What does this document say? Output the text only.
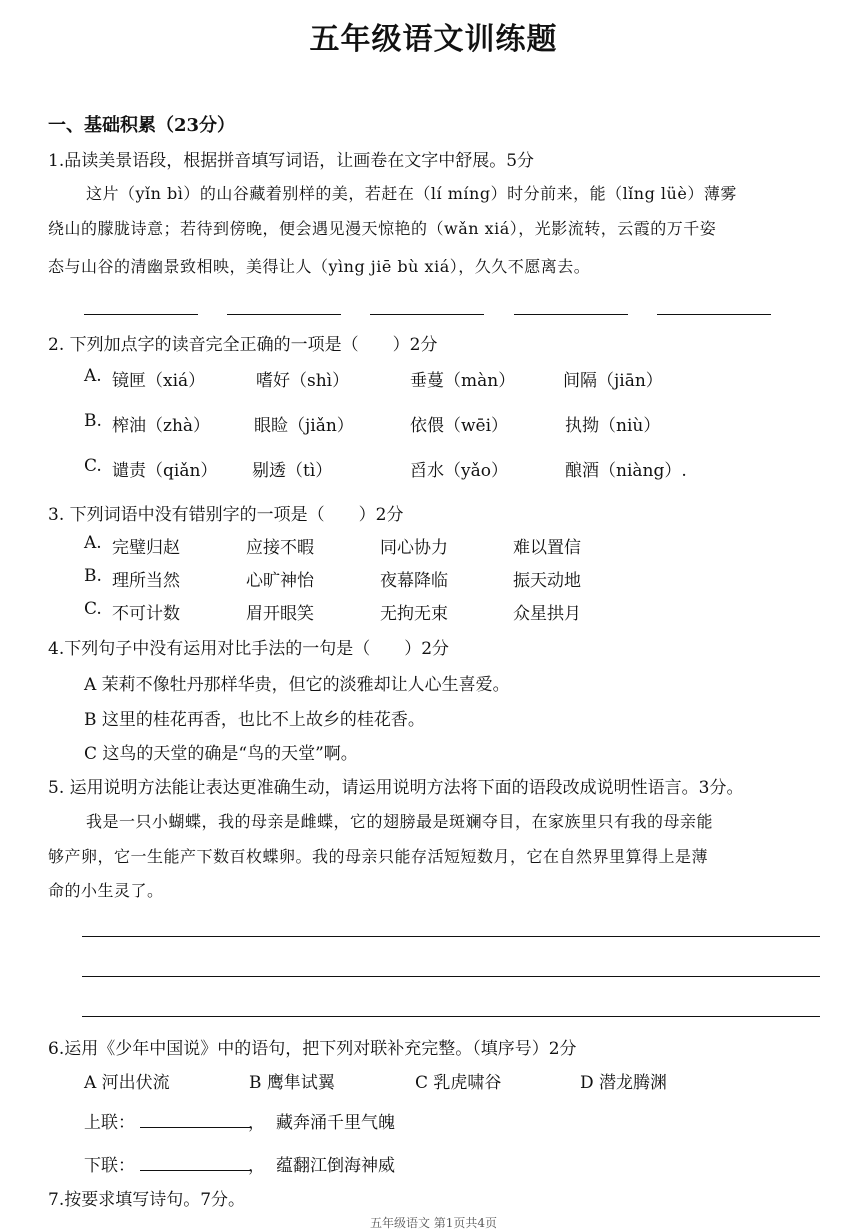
五年级语文训练题
一、基础积累（23分）
1.品读美景语段，根据拼音填写词语，让画卷在文字中舒展。5分
这片（yǐn bì）的山谷藏着别样的美，若赶在（lí míng）时分前来，能（lǐng lüè）薄雾
绕山的朦胧诗意；若待到傍晚，便会遇见漫天惊艳的（wǎn xiá），光影流转，云霞的万千姿
态与山谷的清幽景致相映，美得让人（yìng jiē bù xiá），久久不愿离去。
2. 下列加点字的读音完全正确的一项是（　　）2分
A. 镜匣（xiá）	嗜好（shì）	垂蔓（màn）	间隔（jiān）
B. 榨油（zhà）	眼睑（jiǎn）	依偎（wēi）	执拗（niù）
C. 谴责（qiǎn） 剔透（tì）	舀水（yǎo）	酿酒（niàng）.
3. 下列词语中没有错别字的一项是（　　）2分
A. 完璧归赵	应接不暇	同心协力	难以置信
B. 理所当然	心旷神怡	夜幕降临	振天动地
C. 不可计数	眉开眼笑	无拘无束	众星拱月
4.下列句子中没有运用对比手法的一句是（　　）2分
A 茉莉不像牡丹那样华贵，但它的淡雅却让人心生喜爱。
B 这里的桂花再香，也比不上故乡的桂花香。
C 这鸟的天堂的确是“鸟的天堂”啊。
5. 运用说明方法能让表达更准确生动，请运用说明方法将下面的语段改成说明性语言。3分。
我是一只小蝴蝶，我的母亲是雌蝶，它的翅膀最是斑斓夺目，在家族里只有我的母亲能
够产卵，它一生能产下数百枚蝶卵。我的母亲只能存活短短数月，它在自然界里算得上是薄
命的小生灵了。
6.运用《少年中国说》中的语句，把下列对联补充完整。（填序号）2分
A 河出伏流	B 鹰隼试翼	C 乳虎啸谷	D 潜龙腾渊
上联：	， 藏奔涌千里气魄
下联：	， 蕴翻江倒海神威
7.按要求填写诗句。7分。
五年级语文 第1页共4页
